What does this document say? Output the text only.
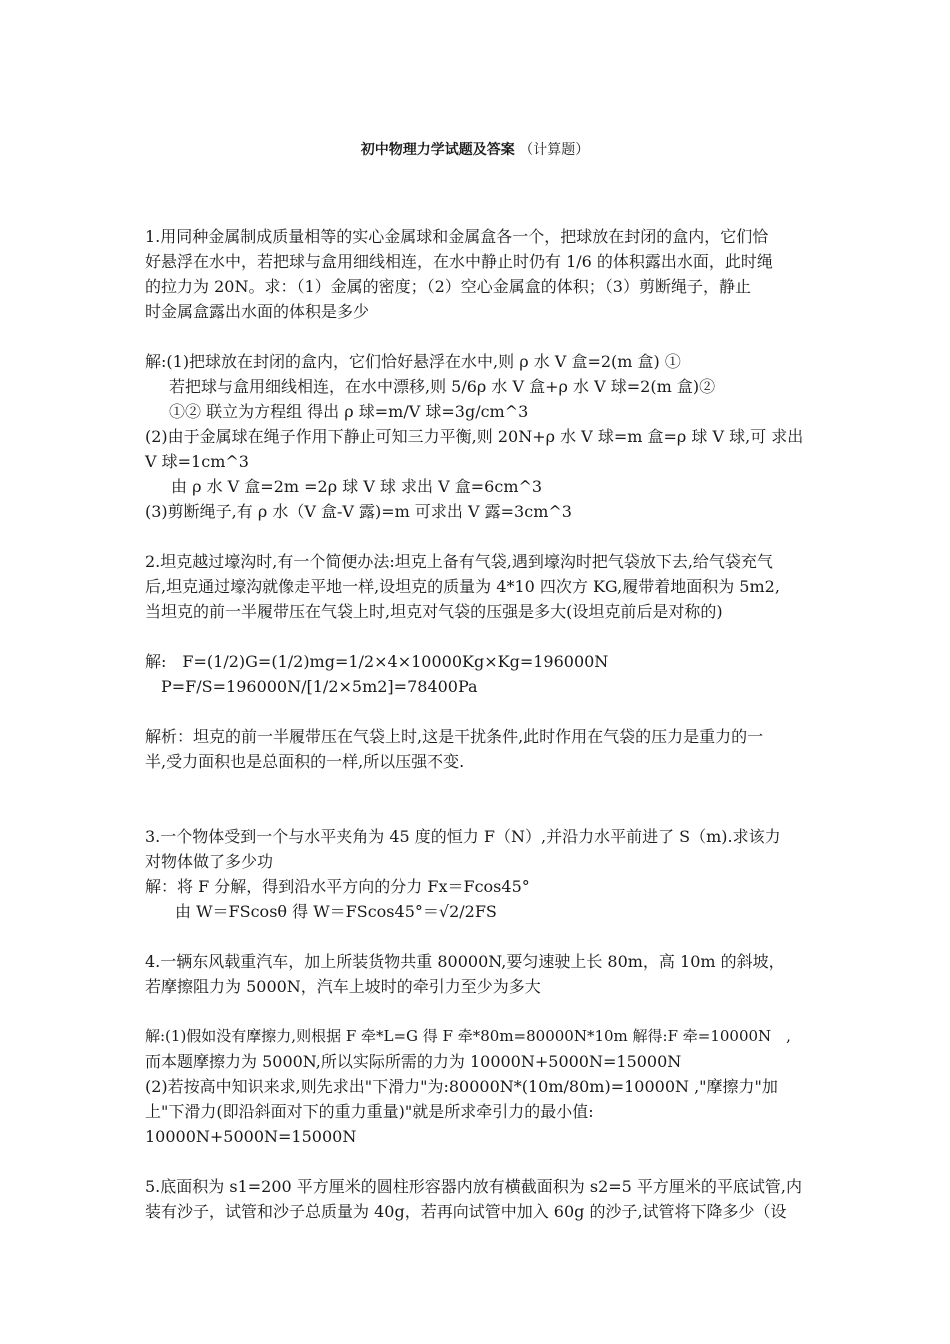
初中物理力学试题及答案 （计算题）
1.用同种金属制成质量相等的实心金属球和金属盒各一个，把球放在封闭的盒内，它们恰
好悬浮在水中，若把球与盒用细线相连，在水中静止时仍有 1/6 的体积露出水面，此时绳
的拉力为 20N。求：（1）金属的密度；（2）空心金属盒的体积；（3）剪断绳子，静止
时金属盒露出水面的体积是多少
解:(1)把球放在封闭的盒内，它们恰好悬浮在水中,则 ρ 水 V 盒=2(m 盒) ①
若把球与盒用细线相连，在水中漂移,则 5/6ρ 水 V 盒+ρ 水 V 球=2(m 盒)②
①② 联立为方程组 得出 ρ 球=m/V 球=3g/cm^3
(2)由于金属球在绳子作用下静止可知三力平衡,则 20N+ρ 水 V 球=m 盒=ρ 球 V 球,可 求出
V 球=1cm^3
由 ρ 水 V 盒=2m =2ρ 球 V 球 求出 V 盒=6cm^3
(3)剪断绳子,有 ρ 水（V 盒-V 露)=m 可求出 V 露=3cm^3
2.坦克越过壕沟时,有一个简便办法:坦克上备有气袋,遇到壕沟时把气袋放下去,给气袋充气
后,坦克通过壕沟就像走平地一样,设坦克的质量为 4*10 四次方 KG,履带着地面积为 5m2,
当坦克的前一半履带压在气袋上时,坦克对气袋的压强是多大(设坦克前后是对称的)
解:　F=(1/2)G=(1/2)mg=1/2×4×10000Kg×Kg=196000N
P=F/S=196000N/[1/2×5m2]=78400Pa
解析：坦克的前一半履带压在气袋上时,这是干扰条件,此时作用在气袋的压力是重力的一
半,受力面积也是总面积的一样,所以压强不变.
3.一个物体受到一个与水平夹角为 45 度的恒力 F（N）,并沿力水平前进了 S（m).求该力
对物体做了多少功
解：将 F 分解，得到沿水平方向的分力 Fx＝Fcos45°
由 W＝FScosθ 得 W＝FScos45°＝√2/2FS
4.一辆东风载重汽车，加上所装货物共重 80000N,要匀速驶上长 80m，高 10m 的斜坡，
若摩擦阻力为 5000N，汽车上坡时的牵引力至少为多大
解:(1)假如没有摩擦力,则根据 F 牵*L=G 得 F 牵*80m=80000N*10m 解得:F 牵=10000N　,
而本题摩擦力为 5000N,所以实际所需的力为 10000N+5000N=15000N
(2)若按高中知识来求,则先求出"下滑力"为:80000N*(10m/80m)=10000N ,"摩擦力"加
上"下滑力(即沿斜面对下的重力重量)"就是所求牵引力的最小值:
10000N+5000N=15000N
5.底面积为 s1=200 平方厘米的圆柱形容器内放有横截面积为 s2=5 平方厘米的平底试管,内
装有沙子，试管和沙子总质量为 40g，若再向试管中加入 60g 的沙子,试管将下降多少（设
